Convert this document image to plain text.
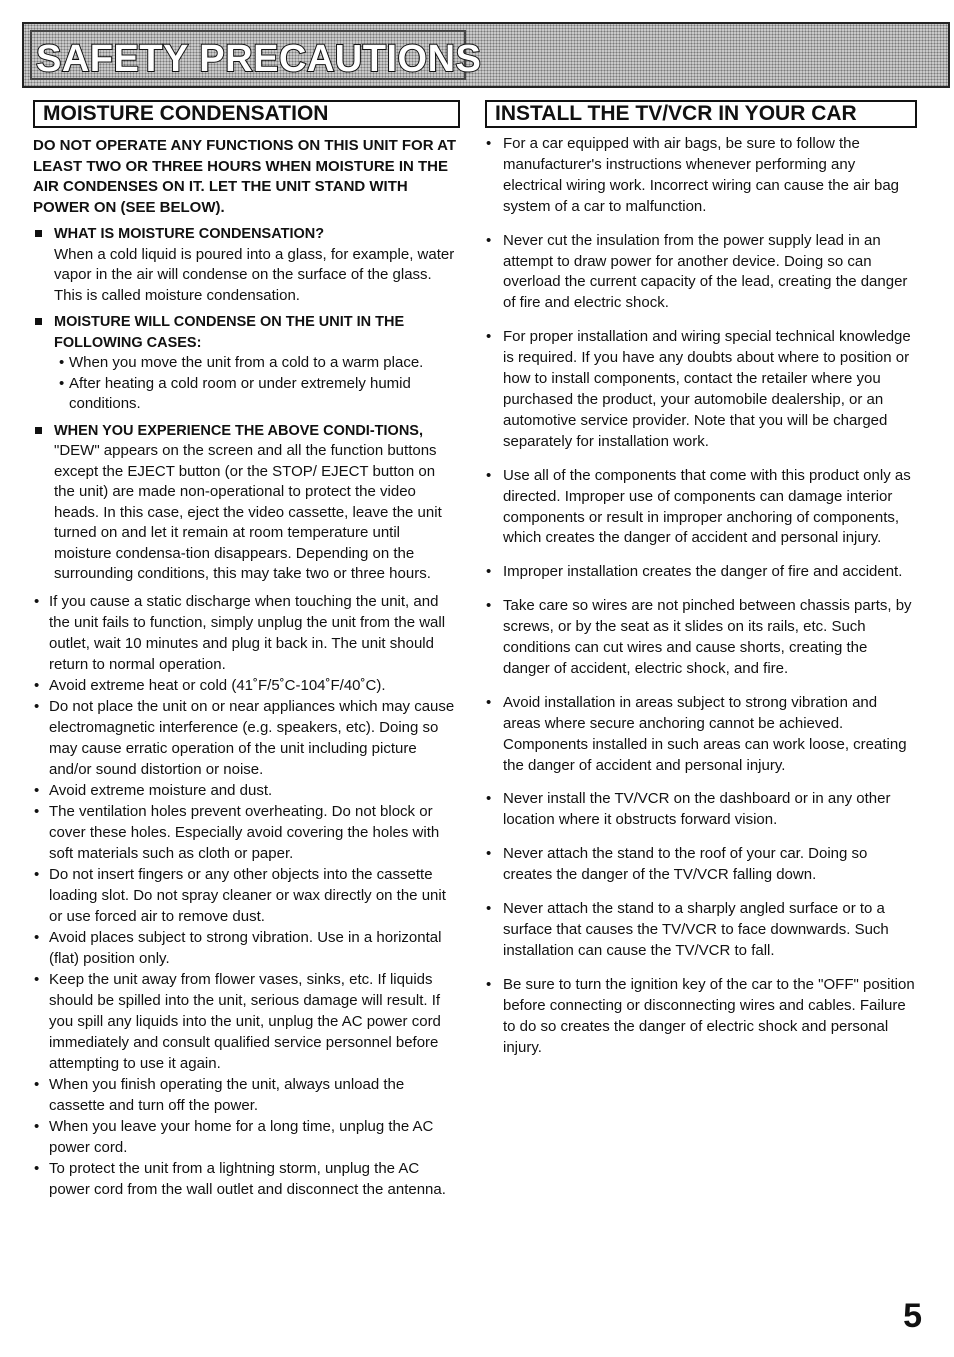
SAFETY PRECAUTIONS
MOISTURE CONDENSATION

DO NOT OPERATE ANY FUNCTIONS ON THIS UNIT FOR AT LEAST TWO OR THREE HOURS WHEN MOISTURE IN THE AIR CONDENSES ON IT. LET THE UNIT STAND WITH POWER ON (SEE BELOW).

WHAT IS MOISTURE CONDENSATION?
When a cold liquid is poured into a glass, for example, water vapor in the air will condense on the surface of the glass. This is called moisture condensation.
MOISTURE WILL CONDENSE ON THE UNIT IN THE FOLLOWING CASES:
• When you move the unit from a cold to a warm place.
• After heating a cold room or under extremely humid conditions.
WHEN YOU EXPERIENCE THE ABOVE CONDI-TIONS,
"DEW" appears on the screen and all the function buttons except the EJECT button (or the STOP/ EJECT button on the unit) are made non-operational to protect the video heads. In this case, eject the video cassette, leave the unit turned on and let it remain at room temperature until moisture condensa-tion disappears. Depending on the surrounding conditions, this may take two or three hours.
• If you cause a static discharge when touching the unit, and the unit fails to function, simply unplug the unit from the wall outlet, wait 10 minutes and plug it back in. The unit should return to normal operation.
• Avoid extreme heat or cold (41˚F/5˚C-104˚F/40˚C).
• Do not place the unit on or near appliances which may cause electromagnetic interference (e.g. speakers, etc). Doing so may cause erratic operation of the unit including picture and/or sound distortion or noise.
• Avoid extreme moisture and dust.
• The ventilation holes prevent overheating. Do not block or cover these holes. Especially avoid covering the holes with soft materials such as cloth or paper.
• Do not insert fingers or any other objects into the cassette loading slot. Do not spray cleaner or wax directly on the unit or use forced air to remove dust.
• Avoid places subject to strong vibration. Use in a horizontal (flat) position only.
• Keep the unit away from flower vases, sinks, etc. If liquids should be spilled into the unit, serious damage will result. If you spill any liquids into the unit, unplug the AC power cord immediately and consult qualified service personnel before attempting to use it again.
• When you finish operating the unit, always unload the cassette and turn off the power.
• When you leave your home for a long time, unplug the AC power cord.
• To protect the unit from a lightning storm, unplug the AC power cord from the wall outlet and disconnect the antenna.
INSTALL THE TV/VCR IN YOUR CAR
• For a car equipped with air bags, be sure to follow the manufacturer's instructions whenever performing any electrical wiring work. Incorrect wiring can cause the air bag system of a car to malfunction.
• Never cut the insulation from the power supply lead in an attempt to draw power for another device. Doing so can overload the current capacity of the lead, creating the danger of fire and electric shock.
• For proper installation and wiring special technical knowledge is required. If you have any doubts about where to position or how to install components, contact the retailer where you purchased the product, your automobile dealership, or an automotive service provider. Note that you will be charged separately for installation work.
• Use all of the components that come with this product only as directed. Improper use of components can damage interior components or result in improper anchoring of components, which creates the danger of accident and personal injury.
• Improper installation creates the danger of fire and accident.
• Take care so wires are not pinched between chassis parts, by screws, or by the seat as it slides on its rails, etc. Such conditions can cut wires and cause shorts, creating the danger of accident, electric shock, and fire.
• Avoid installation in areas subject to strong vibration and areas where secure anchoring cannot be achieved. Components installed in such areas can work loose, creating the danger of accident and personal injury.
• Never install the TV/VCR on the dashboard or in any other location where it obstructs forward vision.
• Never attach the stand to the roof of your car. Doing so creates the danger of the TV/VCR falling down.
• Never attach the stand to a sharply angled surface or to a surface that causes the TV/VCR to face downwards. Such installation can cause the TV/VCR to fall.
• Be sure to turn the ignition key of the car to the "OFF" position before connecting or disconnecting wires and cables. Failure to do so creates the danger of electric shock and personal injury.
5
